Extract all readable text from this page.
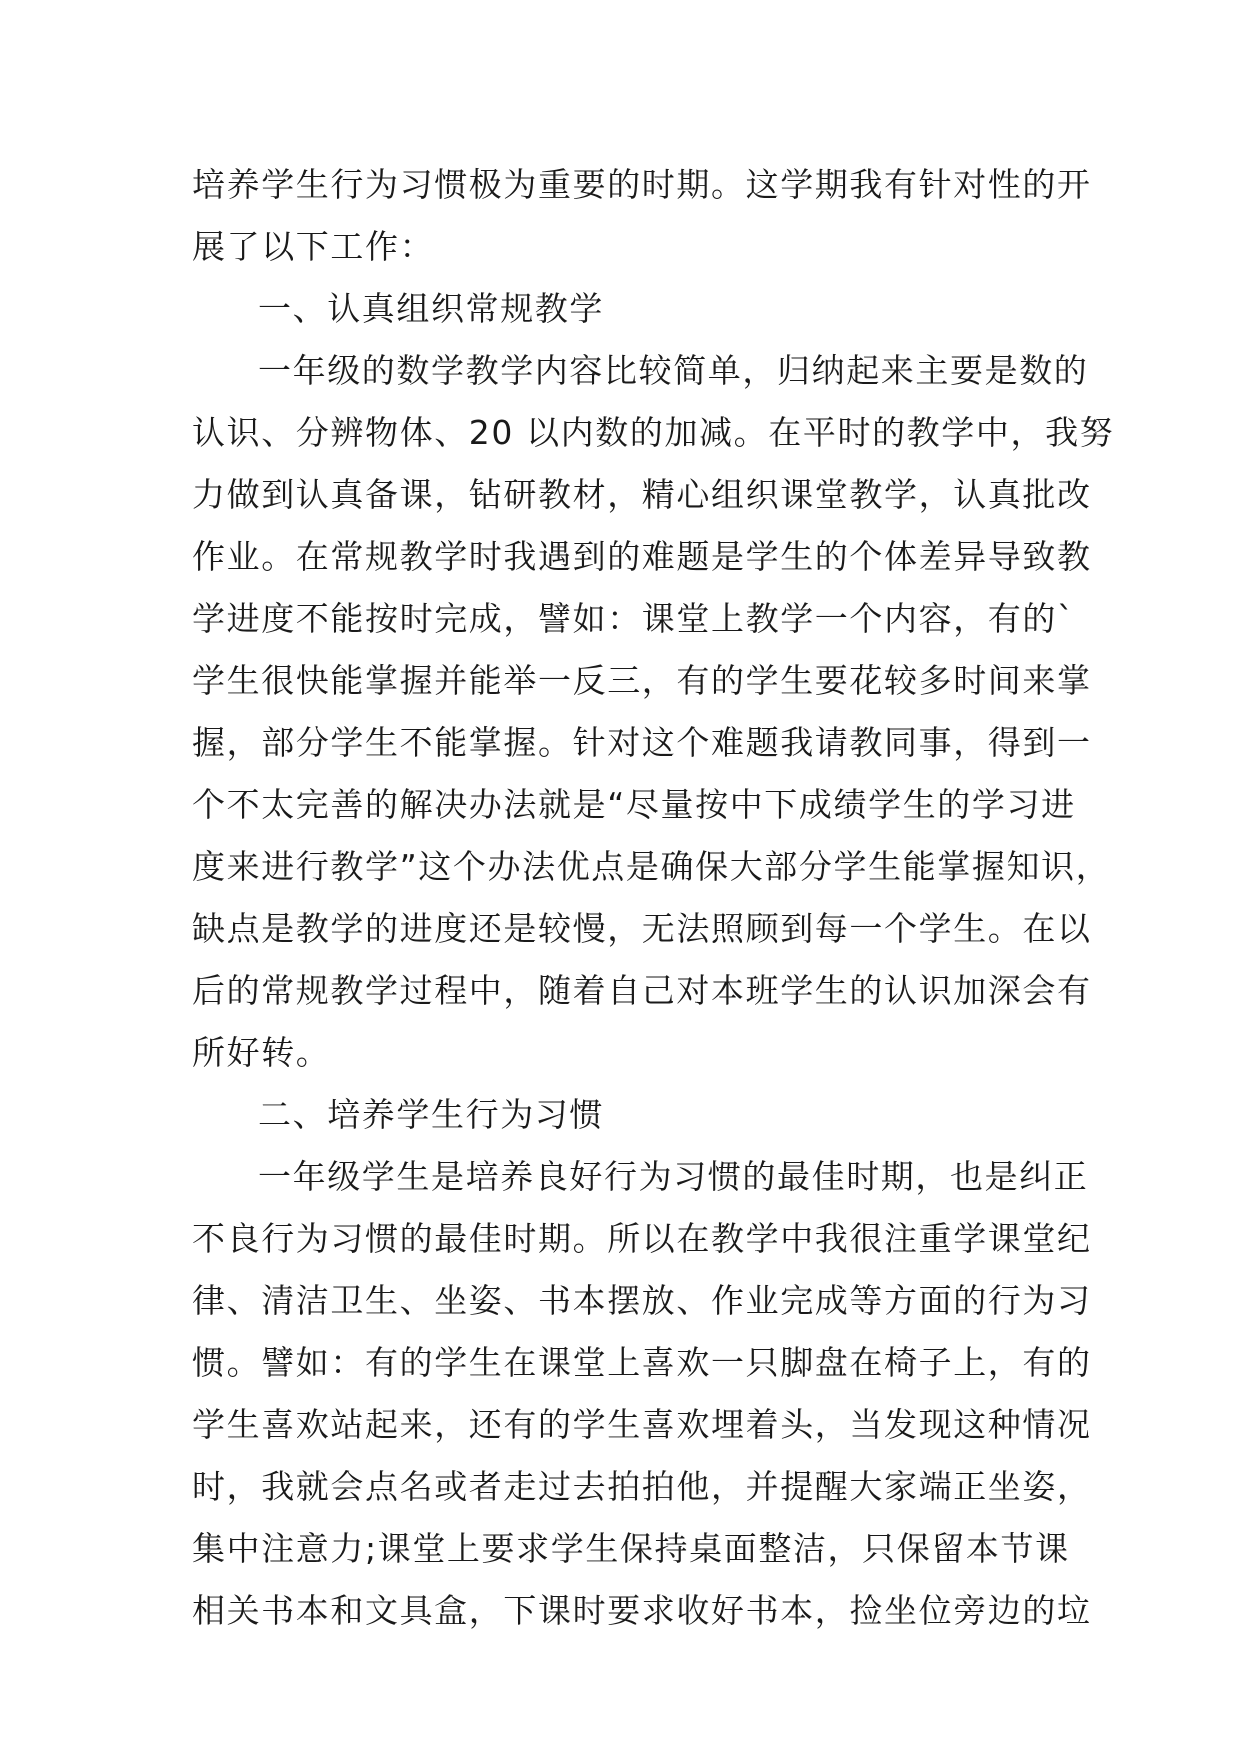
培养学生行为习惯极为重要的时期。这学期我有针对性的开
展了以下工作：
一、认真组织常规教学
一年级的数学教学内容比较简单，归纳起来主要是数的
认识、分辨物体、20 以内数的加减。在平时的教学中，我努
力做到认真备课，钻研教材，精心组织课堂教学，认真批改
作业。在常规教学时我遇到的难题是学生的个体差异导致教
学进度不能按时完成，譬如：课堂上教学一个内容，有的`
学生很快能掌握并能举一反三，有的学生要花较多时间来掌
握，部分学生不能掌握。针对这个难题我请教同事，得到一
个不太完善的解决办法就是“尽量按中下成绩学生的学习进
度来进行教学”这个办法优点是确保大部分学生能掌握知识，
缺点是教学的进度还是较慢，无法照顾到每一个学生。在以
后的常规教学过程中，随着自己对本班学生的认识加深会有
所好转。
二、培养学生行为习惯
一年级学生是培养良好行为习惯的最佳时期，也是纠正
不良行为习惯的最佳时期。所以在教学中我很注重学课堂纪
律、清洁卫生、坐姿、书本摆放、作业完成等方面的行为习
惯。譬如：有的学生在课堂上喜欢一只脚盘在椅子上，有的
学生喜欢站起来，还有的学生喜欢埋着头，当发现这种情况
时，我就会点名或者走过去拍拍他，并提醒大家端正坐姿，
集中注意力;课堂上要求学生保持桌面整洁，只保留本节课
相关书本和文具盒，下课时要求收好书本，捡坐位旁边的垃
